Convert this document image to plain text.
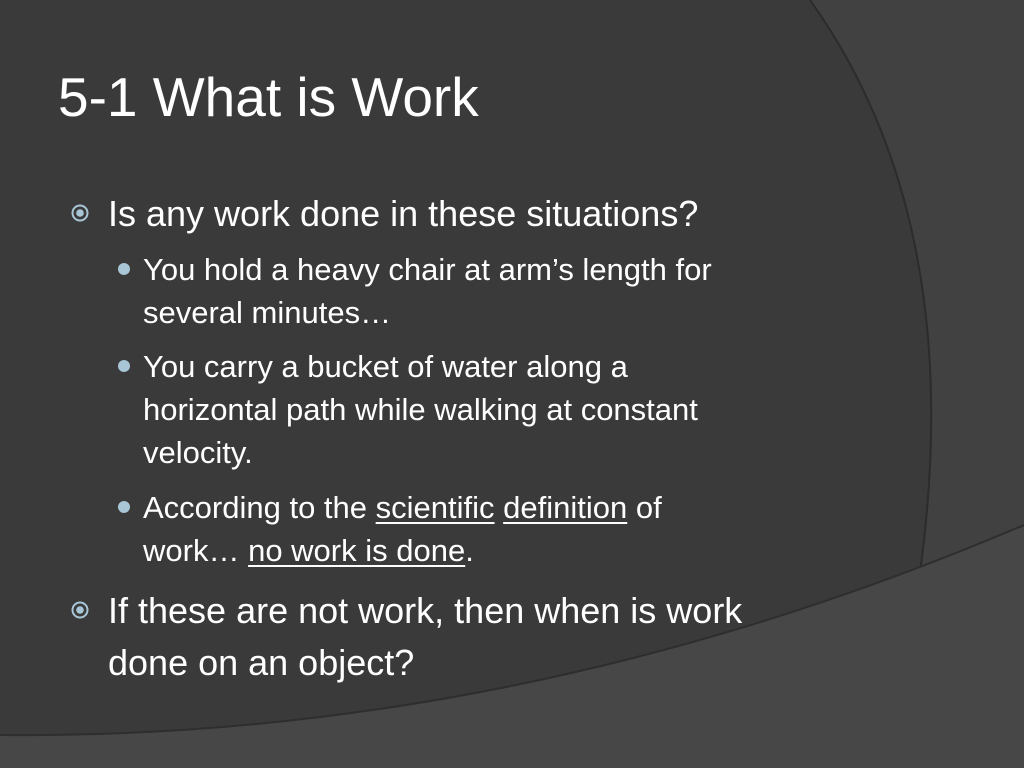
5-1 What is Work
Is any work done in these situations?
You hold a heavy chair at arm’s length for
several minutes…
You carry a bucket of water along a
horizontal path while walking at constant
velocity.
According to the scientific definition of
work… no work is done.
If these are not work, then when is work
done on an object?
